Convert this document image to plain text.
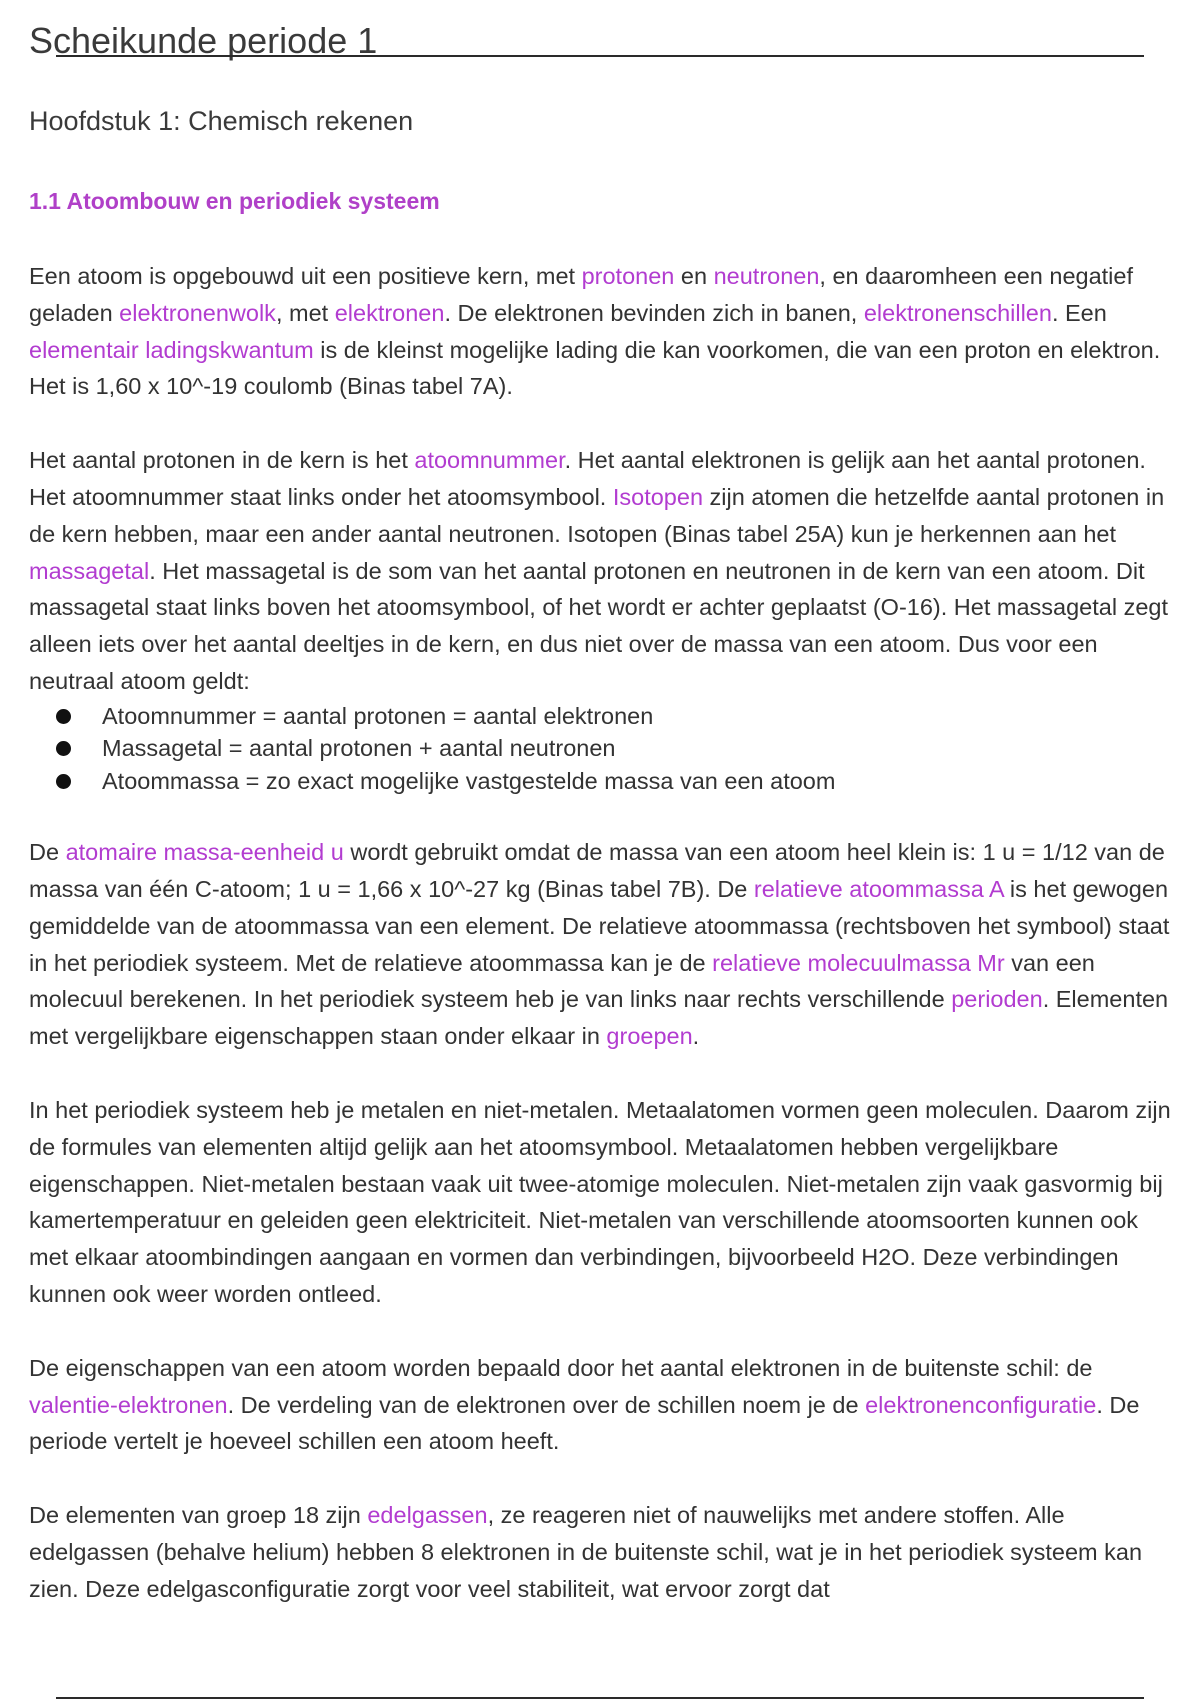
Scheikunde periode 1
Hoofdstuk 1: Chemisch rekenen
1.1 Atoombouw en periodiek systeem

Een atoom is opgebouwd uit een positieve kern, met protonen en neutronen, en daaromheen een negatief geladen elektronenwolk, met elektronen. De elektronen bevinden zich in banen, elektronenschillen. Een elementair ladingskwantum is de kleinst mogelijke lading die kan voorkomen, die van een proton en elektron. Het is 1,60 x 10^-19 coulomb (Binas tabel 7A).

Het aantal protonen in de kern is het atoomnummer. Het aantal elektronen is gelijk aan het aantal protonen. Het atoomnummer staat links onder het atoomsymbool. Isotopen zijn atomen die hetzelfde aantal protonen in de kern hebben, maar een ander aantal neutronen. Isotopen (Binas tabel 25A) kun je herkennen aan het massagetal. Het massagetal is de som van het aantal protonen en neutronen in de kern van een atoom. Dit massagetal staat links boven het atoomsymbool, of het wordt er achter geplaatst (O-16). Het massagetal zegt alleen iets over het aantal deeltjes in de kern, en dus niet over de massa van een atoom. Dus voor een neutraal atoom geldt:

Atoomnummer = aantal protonen = aantal elektronen
Massagetal = aantal protonen + aantal neutronen
Atoommassa = zo exact mogelijke vastgestelde massa van een atoom

De atomaire massa-eenheid u wordt gebruikt omdat de massa van een atoom heel klein is: 1 u = 1/12 van de massa van één C-atoom; 1 u = 1,66 x 10^-27 kg (Binas tabel 7B). De relatieve atoommassa A is het gewogen gemiddelde van de atoommassa van een element. De relatieve atoommassa (rechtsboven het symbool) staat in het periodiek systeem. Met de relatieve atoommassa kan je de relatieve molecuulmassa Mr van een molecuul berekenen. In het periodiek systeem heb je van links naar rechts verschillende perioden. Elementen met vergelijkbare eigenschappen staan onder elkaar in groepen.

In het periodiek systeem heb je metalen en niet-metalen. Metaalatomen vormen geen moleculen. Daarom zijn de formules van elementen altijd gelijk aan het atoomsymbool. Metaalatomen hebben vergelijkbare eigenschappen. Niet-metalen bestaan vaak uit twee-atomige moleculen. Niet-metalen zijn vaak gasvormig bij kamertemperatuur en geleiden geen elektriciteit. Niet-metalen van verschillende atoomsoorten kunnen ook met elkaar atoombindingen aangaan en vormen dan verbindingen, bijvoorbeeld H2O. Deze verbindingen kunnen ook weer worden ontleed.

De eigenschappen van een atoom worden bepaald door het aantal elektronen in de buitenste schil: de valentie-elektronen. De verdeling van de elektronen over de schillen noem je de elektronenconfiguratie. De periode vertelt je hoeveel schillen een atoom heeft.

De elementen van groep 18 zijn edelgassen, ze reageren niet of nauwelijks met andere stoffen. Alle edelgassen (behalve helium) hebben 8 elektronen in de buitenste schil, wat je in het periodiek systeem kan zien. Deze edelgasconfiguratie zorgt voor veel stabiliteit, wat ervoor zorgt dat
